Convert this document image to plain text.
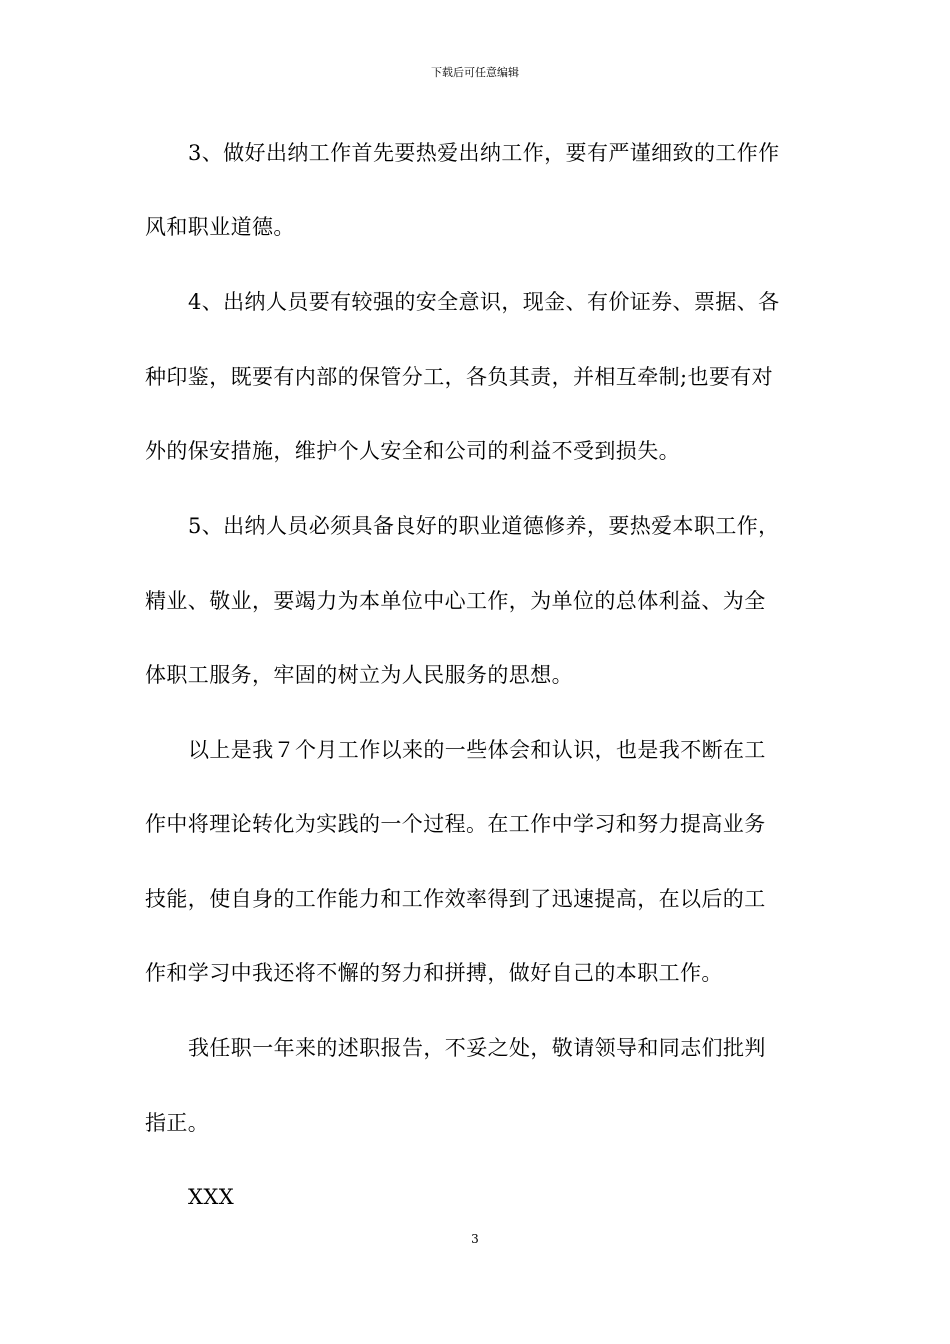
下载后可任意编辑
3、做好出纳工作首先要热爱出纳工作，要有严谨细致的工作作
风和职业道德。
4、出纳人员要有较强的安全意识，现金、有价证券、票据、各
种印鉴，既要有内部的保管分工，各负其责，并相互牵制;也要有对
外的保安措施，维护个人安全和公司的利益不受到损失。
5、出纳人员必须具备良好的职业道德修养，要热爱本职工作，
精业、敬业，要竭力为本单位中心工作，为单位的总体利益、为全
体职工服务，牢固的树立为人民服务的思想。
以上是我７个月工作以来的一些体会和认识，也是我不断在工
作中将理论转化为实践的一个过程。在工作中学习和努力提高业务
技能，使自身的工作能力和工作效率得到了迅速提高，在以后的工
作和学习中我还将不懈的努力和拼搏，做好自己的本职工作。
我任职一年来的述职报告，不妥之处，敬请领导和同志们批判
指正。
XXX
3
